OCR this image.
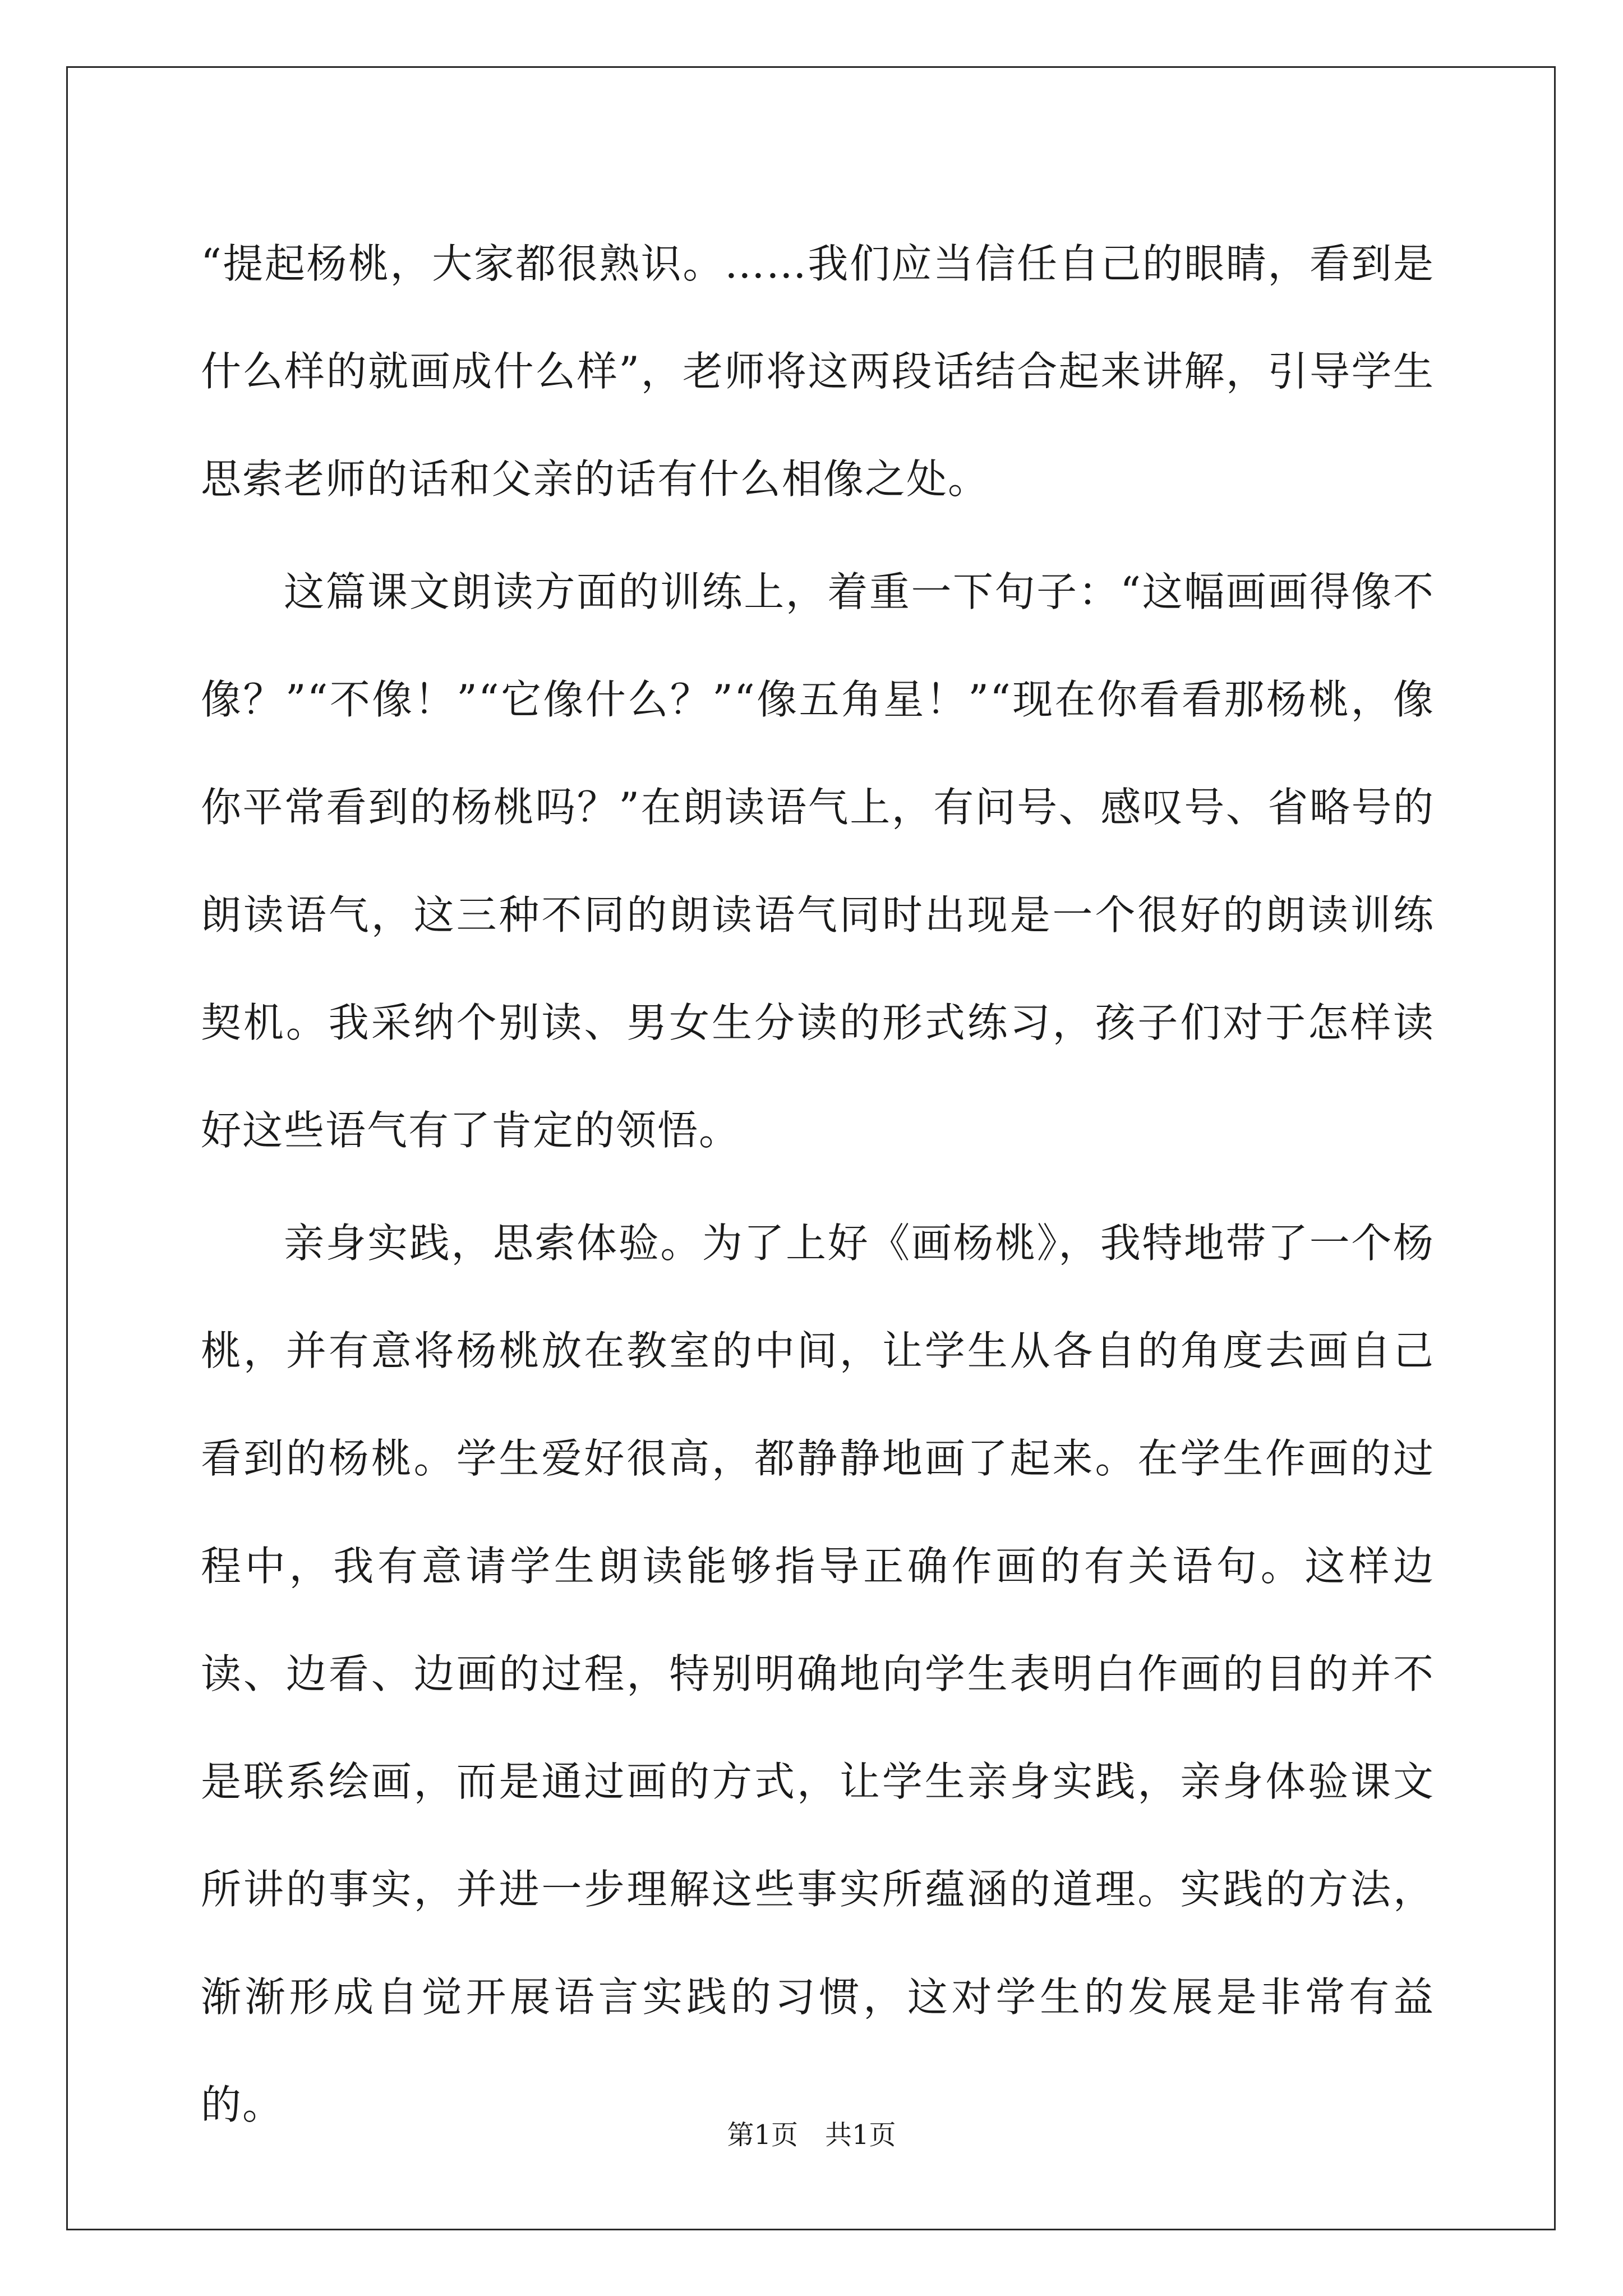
“提起杨桃，大家都很熟识。……我们应当信任自己的眼睛，看到是什么样的就画成什么样”，老师将这两段话结合起来讲解，引导学生思索老师的话和父亲的话有什么相像之处。

这篇课文朗读方面的训练上，着重一下句子：“这幅画画得像不像？”“不像！”“它像什么？”“像五角星！”“现在你看看那杨桃，像你平常看到的杨桃吗？”在朗读语气上，有问号、感叹号、省略号的朗读语气，这三种不同的朗读语气同时出现是一个很好的朗读训练契机。我采纳个别读、男女生分读的形式练习，孩子们对于怎样读好这些语气有了肯定的领悟。

亲身实践，思索体验。为了上好《画杨桃》，我特地带了一个杨桃，并有意将杨桃放在教室的中间，让学生从各自的角度去画自己看到的杨桃。学生爱好很高，都静静地画了起来。在学生作画的过程中，我有意请学生朗读能够指导正确作画的有关语句。这样边读、边看、边画的过程，特别明确地向学生表明白作画的目的并不是联系绘画，而是通过画的方式，让学生亲身实践，亲身体验课文所讲的事实，并进一步理解这些事实所蕴涵的道理。实践的方法，渐渐形成自觉开展语言实践的习惯，这对学生的发展是非常有益的。

第1页　共1页
